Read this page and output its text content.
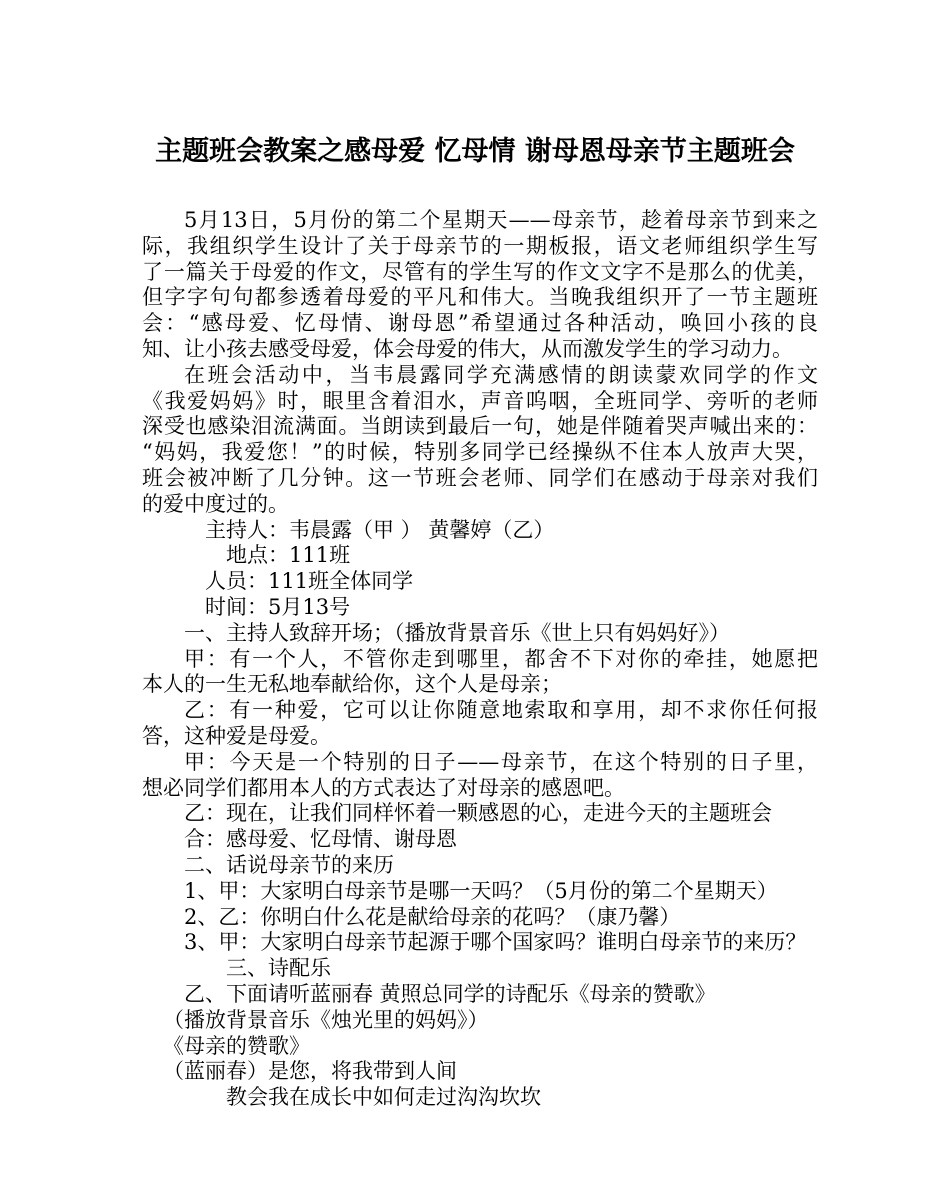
主题班会教案之感母爱 忆母情 谢母恩母亲节主题班会
5月13日，5月份的第二个星期天——母亲节，趁着母亲节到来之
际，我组织学生设计了关于母亲节的一期板报，语文老师组织学生写
了一篇关于母爱的作文，尽管有的学生写的作文文字不是那么的优美，
但字字句句都参透着母爱的平凡和伟大。当晚我组织开了一节主题班
会：“感母爱、忆母情、谢母恩”希望通过各种活动，唤回小孩的良
知、让小孩去感受母爱，体会母爱的伟大，从而激发学生的学习动力。
在班会活动中，当韦晨露同学充满感情的朗读蒙欢同学的作文
《我爱妈妈》时，眼里含着泪水，声音呜咽，全班同学、旁听的老师
深受也感染泪流满面。当朗读到最后一句，她是伴随着哭声喊出来的：
“妈妈，我爱您！”的时候，特别多同学已经操纵不住本人放声大哭，
班会被冲断了几分钟。这一节班会老师、同学们在感动于母亲对我们
的爱中度过的。
主持人：韦晨露（甲 ） 黄馨婷（乙）
地点：111班
人员：111班全体同学
时间：5月13号
一、主持人致辞开场；（播放背景音乐《世上只有妈妈好》）
甲：有一个人，不管你走到哪里，都舍不下对你的牵挂，她愿把
本人的一生无私地奉献给你，这个人是母亲；
乙：有一种爱，它可以让你随意地索取和享用，却不求你任何报
答，这种爱是母爱。
甲：今天是一个特别的日子——母亲节，在这个特别的日子里，
想必同学们都用本人的方式表达了对母亲的感恩吧。
乙：现在，让我们同样怀着一颗感恩的心，走进今天的主题班会
合：感母爱、忆母情、谢母恩
二、话说母亲节的来历
1、甲：大家明白母亲节是哪一天吗？（5月份的第二个星期天）
2、乙：你明白什么花是献给母亲的花吗？（康乃馨）
3、甲：大家明白母亲节起源于哪个国家吗？谁明白母亲节的来历？
三、诗配乐
乙、下面请听蓝丽春 黄照总同学的诗配乐《母亲的赞歌》
（播放背景音乐《烛光里的妈妈》）
《母亲的赞歌》
（蓝丽春）是您，将我带到人间
教会我在成长中如何走过沟沟坎坎
